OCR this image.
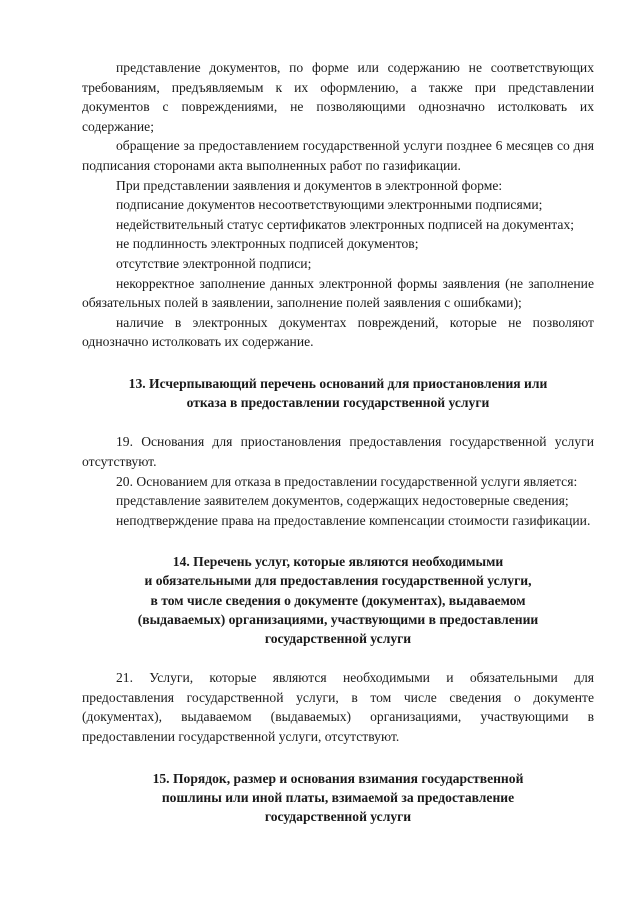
представление документов, по форме или содержанию не соответствующих требованиям, предъявляемым к их оформлению, а также при представлении документов с повреждениями, не позволяющими однозначно истолковать их содержание;

обращение за предоставлением государственной услуги позднее 6 месяцев со дня подписания сторонами акта выполненных работ по газификации.

При представлении заявления и документов в электронной форме:

подписание документов несоответствующими электронными подписями;

недействительный статус сертификатов электронных подписей на документах;

не подлинность электронных подписей документов;

отсутствие электронной подписи;

некорректное заполнение данных электронной формы заявления (не заполнение обязательных полей в заявлении, заполнение полей заявления с ошибками);

наличие в электронных документах повреждений, которые не позволяют однозначно истолковать их содержание.

13. Исчерпывающий перечень оснований для приостановления или

отказа в предоставлении государственной услуги

19. Основания для приостановления предоставления государственной услуги отсутствуют.

20. Основанием для отказа в предоставлении государственной услуги является:

представление заявителем документов, содержащих недостоверные сведения;

неподтверждение права на предоставление компенсации стоимости газификации.

14. Перечень услуг, которые являются необходимыми

и обязательными для предоставления государственной услуги,

в том числе сведения о документе (документах), выдаваемом

(выдаваемых) организациями, участвующими в предоставлении

государственной услуги

21. Услуги, которые являются необходимыми и обязательными для предоставления государственной услуги, в том числе сведения о документе (документах), выдаваемом (выдаваемых) организациями, участвующими в предоставлении государственной услуги, отсутствуют.

15. Порядок, размер и основания взимания государственной

пошлины или иной платы, взимаемой за предоставление

государственной услуги
